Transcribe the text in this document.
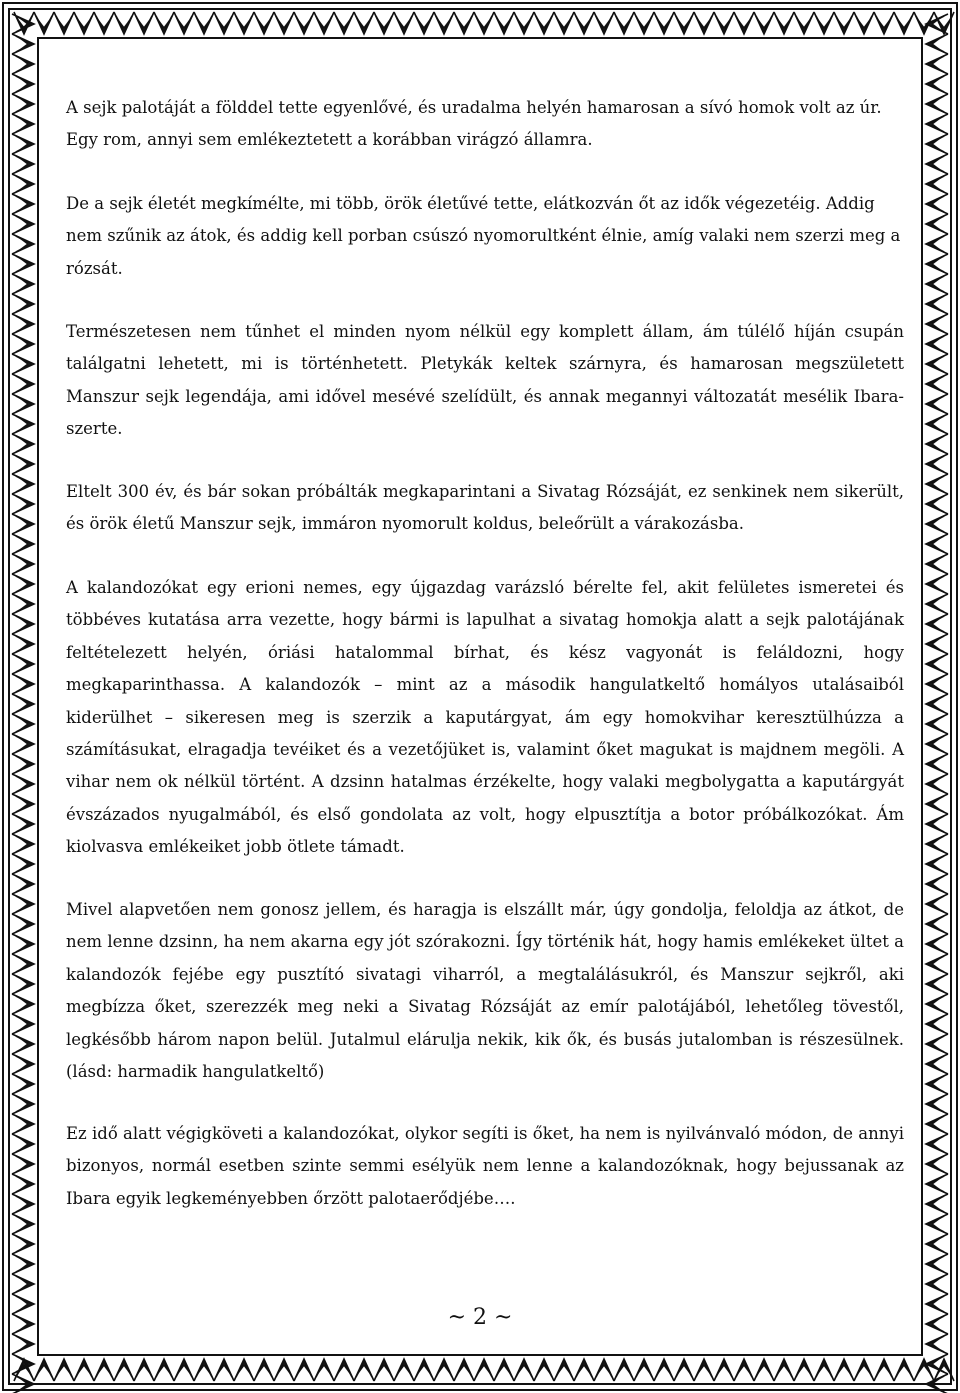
A sejk palotáját a földdel tette egyenlővé, és uradalma helyén hamarosan a sívó homok volt az úr. Egy rom, annyi sem emlékeztetett a korábban virágzó államra.

De a sejk életét megkímélte, mi több, örök életűvé tette, elátkozván őt az idők végezetéig. Addig nem szűnik az átok, és addig kell porban csúszó nyomorultként élnie, amíg valaki nem szerzi meg a rózsát.

Természetesen nem tűnhet el minden nyom nélkül egy komplett állam, ám túlélő híján csupán találgatni lehetett, mi is történhetett. Pletykák keltek szárnyra, és hamarosan megszületett Manszur sejk legendája, ami idővel mesévé szelídült, és annak megannyi változatát mesélik Ibara-szerte.

Eltelt 300 év, és bár sokan próbálták megkaparintani a Sivatag Rózsáját, ez senkinek nem sikerült, és örök életű Manszur sejk, immáron nyomorult koldus, beleőrült a várakozásba.

A kalandozókat egy erioni nemes, egy újgazdag varázsló bérelte fel, akit felületes ismeretei és többéves kutatása arra vezette, hogy bármi is lapulhat a sivatag homokja alatt a sejk palotájának feltételezett helyén, óriási hatalommal bírhat, és kész vagyonát is feláldozni, hogy megkaparinthassa. A kalandozók – mint az a második hangulatkeltő homályos utalásaiból kiderülhet – sikeresen meg is szerzik a kaputárgyat, ám egy homokvihar keresztülhúzza a számításukat, elragadja tevéiket és a vezetőjüket is, valamint őket magukat is majdnem megöli. A vihar nem ok nélkül történt. A dzsinn hatalmas érzékelte, hogy valaki megbolygatta a kaputárgyát évszázados nyugalmából, és első gondolata az volt, hogy elpusztítja a botor próbálkozókat. Ám kiolvasva emlékeiket jobb ötlete támadt.

Mivel alapvetően nem gonosz jellem, és haragja is elszállt már, úgy gondolja, feloldja az átkot, de nem lenne dzsinn, ha nem akarna egy jót szórakozni. Így történik hát, hogy hamis emlékeket ültet a kalandozók fejébe egy pusztító sivatagi viharról, a megtalálásukról, és Manszur sejkről, aki megbízza őket, szerezzék meg neki a Sivatag Rózsáját az emír palotájából, lehetőleg tövestől, legkésőbb három napon belül. Jutalmul elárulja nekik, kik ők, és busás jutalomban is részesülnek. (lásd: harmadik hangulatkeltő)

Ez idő alatt végigköveti a kalandozókat, olykor segíti is őket, ha nem is nyilvánvaló módon, de annyi bizonyos, normál esetben szinte semmi esélyük nem lenne a kalandozóknak, hogy bejussanak az Ibara egyik legkeményebben őrzött palotaerődjébe….

~ 2 ~
